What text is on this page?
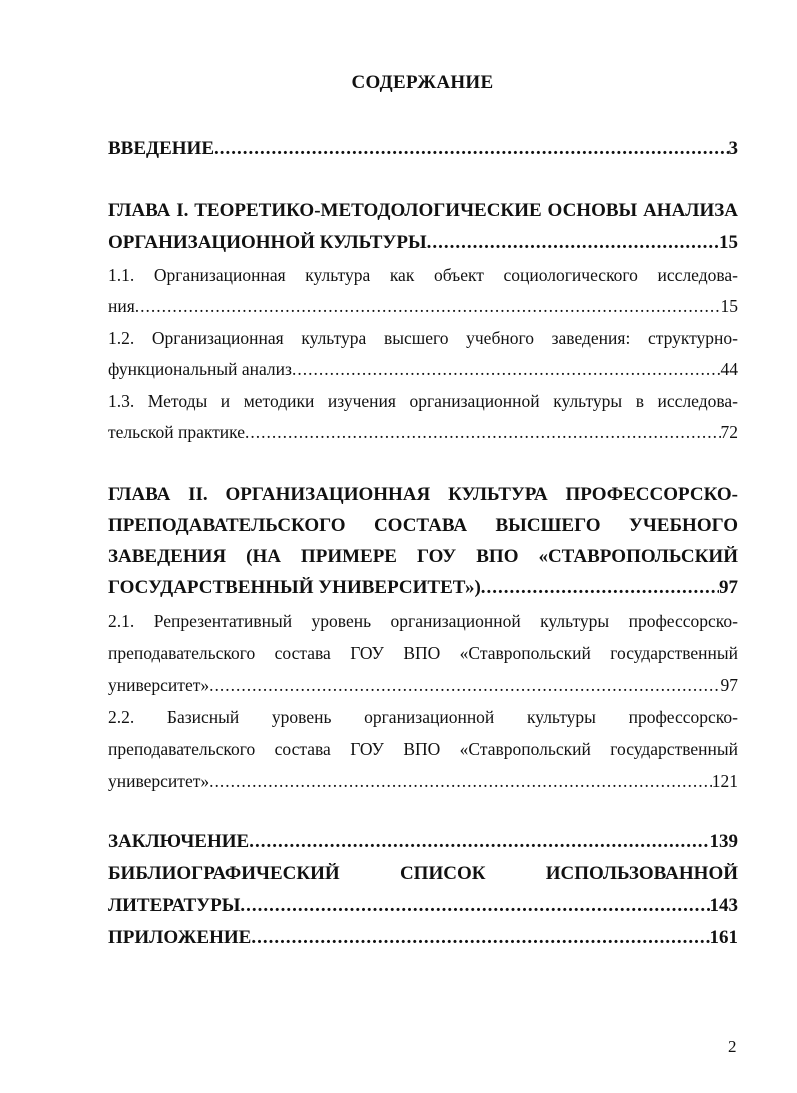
СОДЕРЖАНИЕ
ВВЕДЕНИЕ .....	3
ГЛАВА I. ТЕОРЕТИКО-МЕТОДОЛОГИЧЕСКИЕ ОСНОВЫ АНАЛИЗА
ОРГАНИЗАЦИОННОЙ КУЛЬТУРЫ .....	15
1.1. Организационная культура как объект социологического исследова-
ния .....	15
1.2. Организационная культура высшего учебного заведения: структурно-
функциональный анализ .....	44
1.3. Методы и методики изучения организационной культуры в исследова-
тельской практике .....	72
ГЛАВА II. ОРГАНИЗАЦИОННАЯ КУЛЬТУРА ПРОФЕССОРСКО-
ПРЕПОДАВАТЕЛЬСКОГО СОСТАВА ВЫСШЕГО УЧЕБНОГО
ЗАВЕДЕНИЯ (НА ПРИМЕРЕ ГОУ ВПО «СТАВРОПОЛЬСКИЙ
ГОСУДАРСТВЕННЫЙ УНИВЕРСИТЕТ») .....	97
2.1. Репрезентативный уровень организационной культуры профессорско-
преподавательского состава ГОУ ВПО «Ставропольский государственный
университет» .....	97
2.2. Базисный уровень организационной культуры профессорско-
преподавательского состава ГОУ ВПО «Ставропольский государственный
университет» .....	121
ЗАКЛЮЧЕНИЕ .....	139
БИБЛИОГРАФИЧЕСКИЙ СПИСОК ИСПОЛЬЗОВАННОЙ
ЛИТЕРАТУРЫ .....	143
ПРИЛОЖЕНИЕ .....	161
2
